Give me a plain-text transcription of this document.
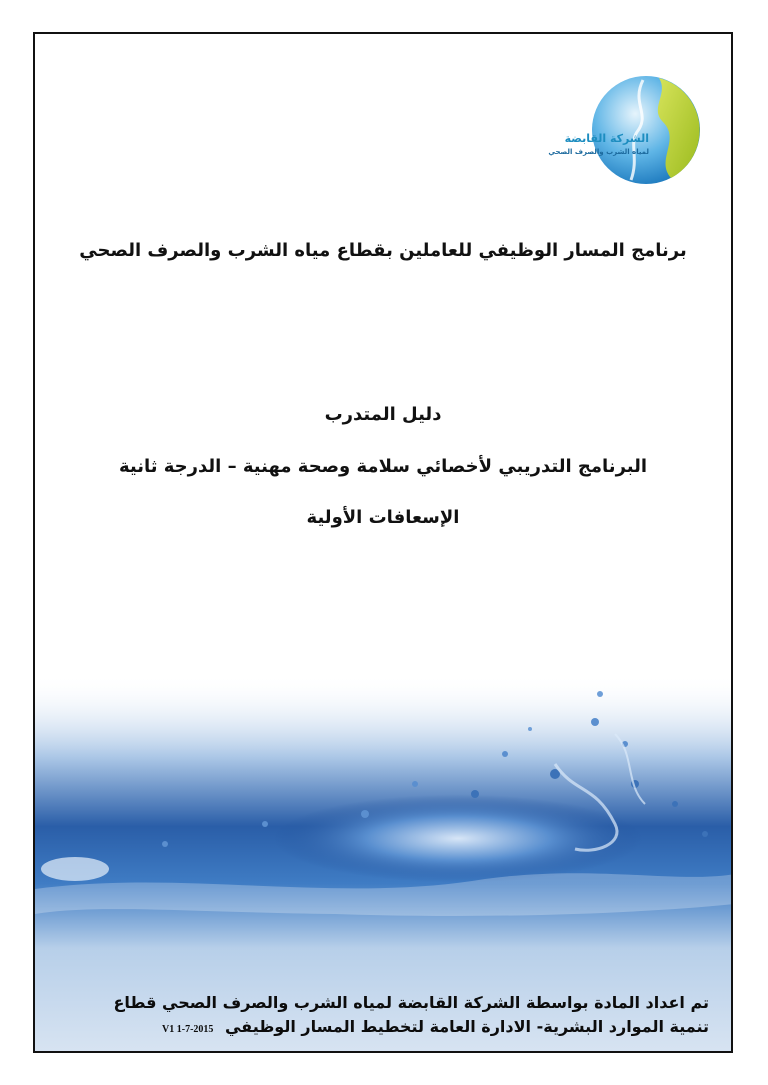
الشركة القابضة
لمياه الشرب والصرف الصحي
برنامج المسار الوظيفي للعاملين بقطاع مياه الشرب والصرف الصحي
دليل المتدرب
البرنامج التدريبي لأخصائي سلامة وصحة مهنية – الدرجة ثانية
الإسعافات الأولية
تم اعداد المادة بواسطة الشركة القابضة لمياه الشرب والصرف الصحي قطاع
تنمية الموارد البشرية- الادارة العامة لتخطيط المسار الوظيفي V1 1-7-2015
